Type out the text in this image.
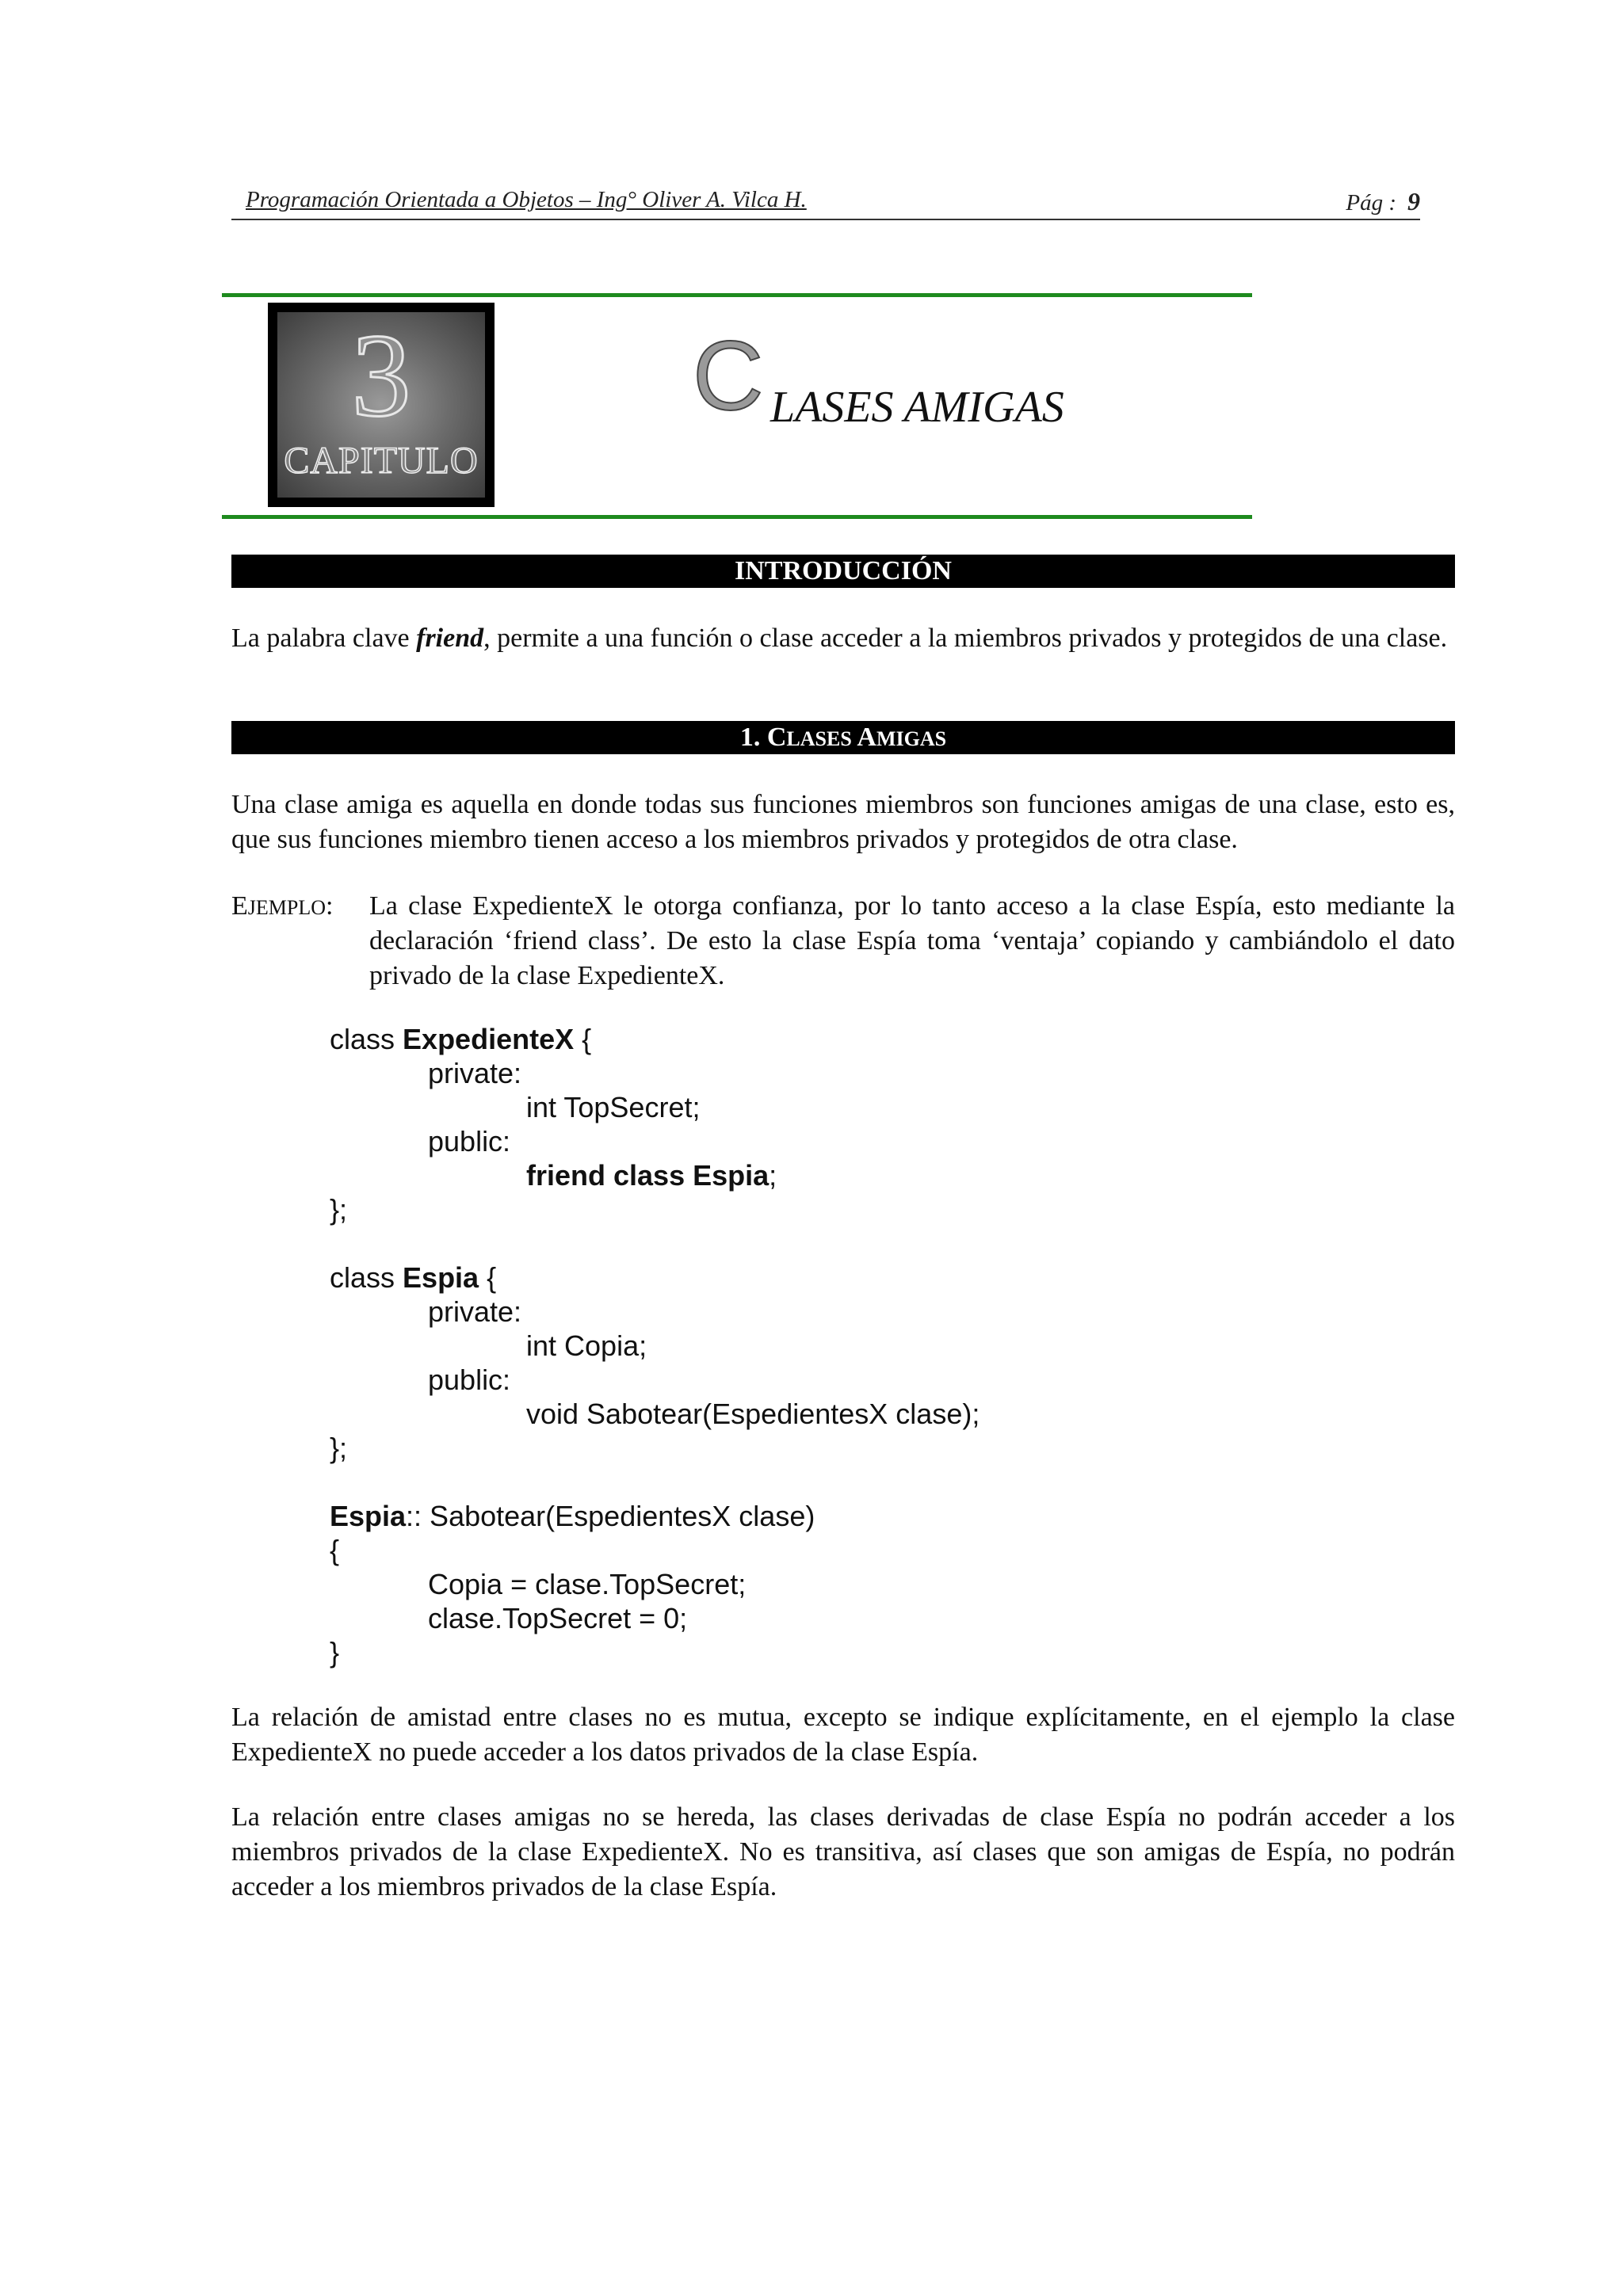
Programación Orientada a Objetos – Ing° Oliver A. Vilca H.	Pág : 9
3
CAPITULO
C LASES AMIGAS
INTRODUCCIÓN
La palabra clave friend, permite a una función o clase acceder a la miembros privados y protegidos de una clase.
1. CLASES AMIGAS
Una clase amiga es aquella en donde todas sus funciones miembros son funciones amigas de una clase, esto es, que sus funciones miembro tienen acceso a los miembros privados y protegidos de otra clase.
EJEMPLO: La clase ExpedienteX le otorga confianza, por lo tanto acceso a la clase Espía, esto mediante la declaración ‘friend class’. De esto la clase Espía toma ‘ventaja’ copiando y cambiándolo el dato privado de la clase ExpedienteX.
class ExpedienteX {
private:
int TopSecret;
public:
friend class Espia;
};
class Espia {
private:
int Copia;
public:
void Sabotear(EspedientesX clase);
};
Espia:: Sabotear(EspedientesX clase)
{
Copia = clase.TopSecret;
clase.TopSecret = 0;
}
La relación de amistad entre clases no es mutua, excepto se indique explícitamente, en el ejemplo la clase ExpedienteX no puede acceder a los datos privados de la clase Espía.
La relación entre clases amigas no se hereda, las clases derivadas de clase Espía no podrán acceder a los miembros privados de la clase ExpedienteX. No es transitiva, así clases que son amigas de Espía, no podrán acceder a los miembros privados de la clase Espía.
